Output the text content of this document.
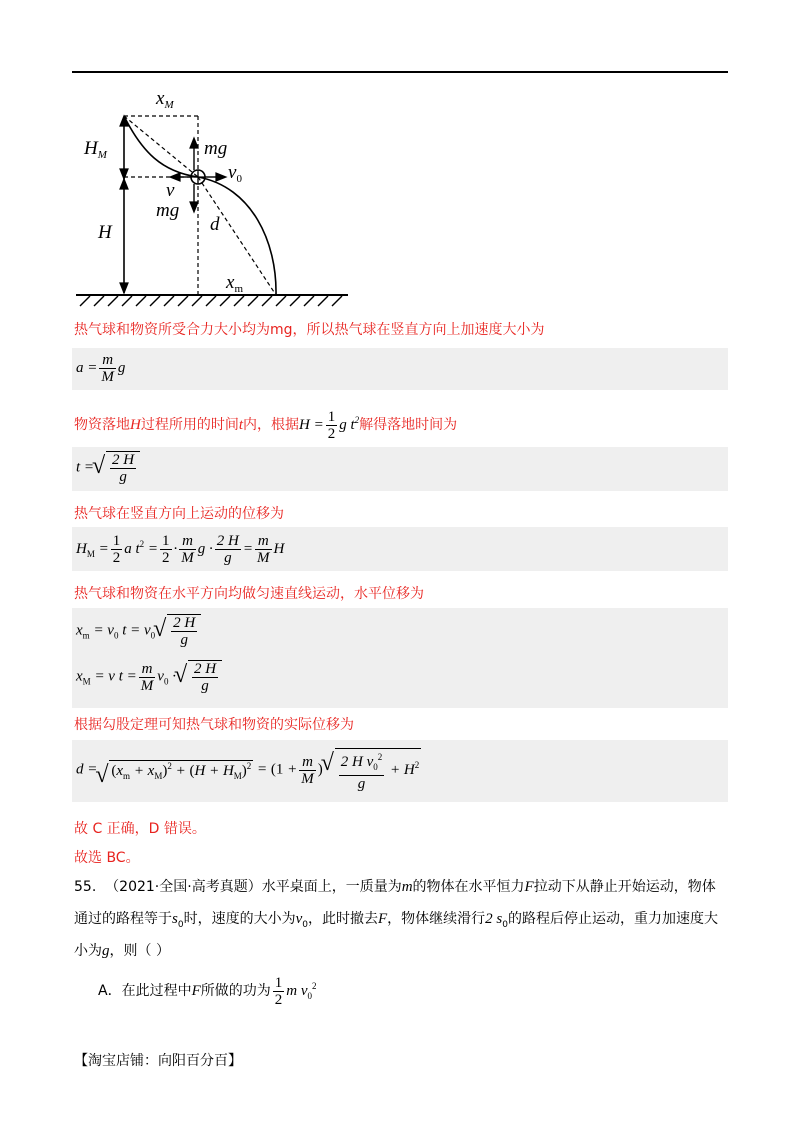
$x_M$
$H_M$	mg
$v_0$
v
mg
d
H
$x_m$
热气球和物资所受合力大小均为mg，所以热气球在竖直方向上加速度大小为
$a = \frac{m}{M}$ g
物资落地H过程所用的时间t内，根据$H = \frac{1}{2}$ g $t^2$解得落地时间为
t = √ $\frac{2 H}{g}$
热气球在竖直方向上运动的位移为
$H_M = \frac{1}{2}$ a $t^2 = \frac{1}{2} \cdot \frac{m}{M}$ $g \cdot \frac{2 H}{g} = \frac{m}{M}$ H
热气球和物资在水平方向均做匀速直线运动，水平位移为
$x_m = v_0$ $t = v_0$ √ $\frac{2 H}{g}$
$x_M = v$ $t = \frac{m}{M} v_0$ · √ $\frac{2 H}{g}$
根据勾股定理可知热气球和物资的实际位移为
d = √ $(x_m + x_M)^2 + (H + H_M)^2 = (1 + \frac{m}{M}$ ) √ $\frac{2 H v_0^2}{g} + H^2$
故 C 正确，D 错误。
故选 BC。
55. （2021·全国·高考真题）水平桌面上，一质量为m的物体在水平恒力F拉动下从静止开始运动，物体
通过的路程等于$s_0$时，速度的大小为$v_0$，此时撤去F，物体继续滑行2 $s_0$的路程后停止运动，重力加速度大
小为g，则（ ）
A．在此过程中F所做的功为 $\frac{1}{2}$ m $v_0^2$
【淘宝店铺：向阳百分百】
